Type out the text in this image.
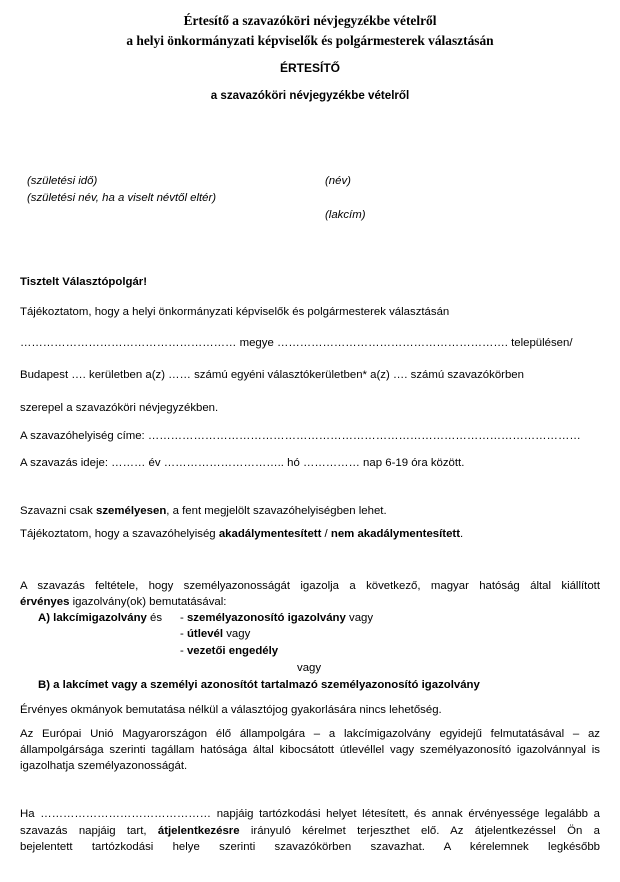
Értesítő a szavazóköri névjegyzékbe vételről
a helyi önkormányzati képviselők és polgármesterek választásán
ÉRTESÍTŐ
a szavazóköri névjegyzékbe vételről
(születési idő)
(születési név, ha a viselt névtől eltér)
(név)
(lakcím)
Tisztelt Választópolgár!
Tájékoztatom, hogy a helyi önkormányzati képviselők és polgármesterek választásán
………………………………………………… megye ……………………………………………………. településen/
Budapest …. kerületben a(z) …… számú egyéni választókerületben* a(z) …. számú szavazókörben
szerepel a szavazóköri névjegyzékben.
A szavazóhelyiség címe: ……………………………………………………………………………………………………
A szavazás ideje: ……… év ………………………….. hó …………… nap 6-19 óra között.
Szavazni csak személyesen, a fent megjelölt szavazóhelyiségben lehet.
Tájékoztatom, hogy a szavazóhelyiség akadálymentesített / nem akadálymentesített.
A szavazás feltétele, hogy személyazonosságát igazolja a következő, magyar hatóság által kiállított
érvényes igazolvány(ok) bemutatásával:
A) lakcímigazolvány és - személyazonosító igazolvány vagy
- útlevél vagy
- vezetői engedély
vagy
B) a lakcímet vagy a személyi azonosítót tartalmazó személyazonosító igazolvány
Érvényes okmányok bemutatása nélkül a választójog gyakorlására nincs lehetőség.
Az Európai Unió Magyarországon élő állampolgára – a lakcímigazolvány egyidejű felmutatásával – az
állampolgársága szerinti tagállam hatósága által kibocsátott útlevéllel vagy személyazonosító igazolvánnyal is
igazolhatja személyazonosságát.
Ha ……………………………………… napjáig tartózkodási helyet létesített, és annak érvényessége legalább a
szavazás napjáig tart, átjelentkezésre irányuló kérelmet terjeszthet elő. Az átjelentkezéssel Ön a
bejelentett tartózkodási helye szerinti szavazókörben szavazhat. A kérelemnek legkésőbb
